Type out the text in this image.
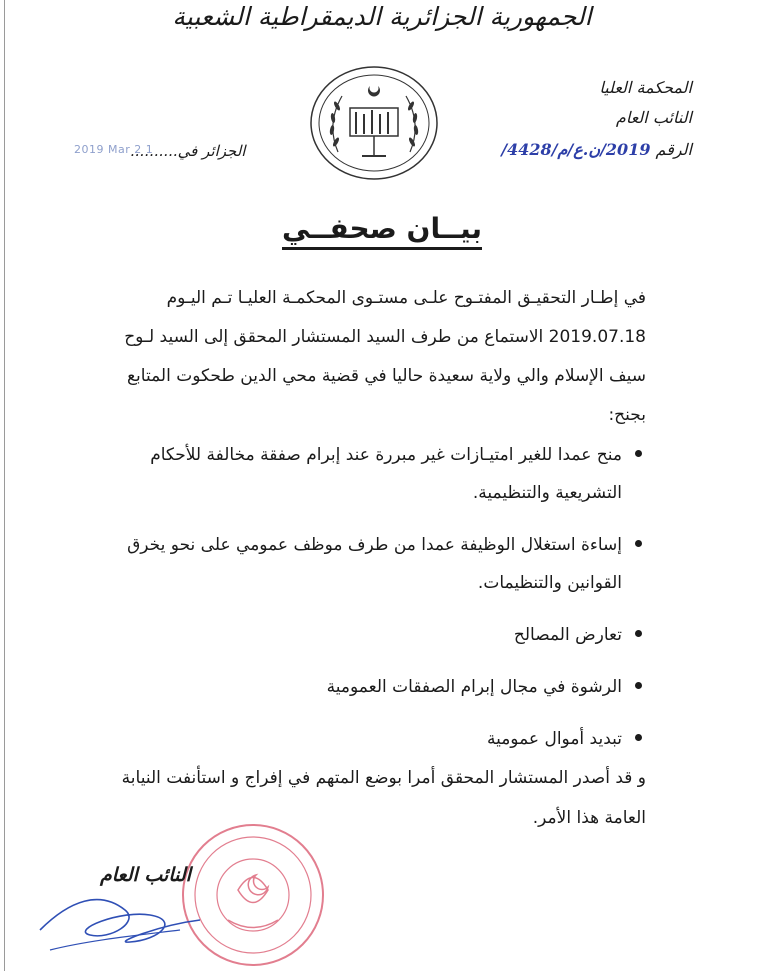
الجمهورية الجزائرية الديمقراطية الشعبية
المحكمة العليا
النائب العام
الرقم 2019/ن.ع/م/4428/
الجزائر في..........
2019 Mar 2 1
بيــان صحفــي
في إطـار التحقيـق المفتـوح علـى مستـوى المحكمـة العليـا تـم اليـوم
2019.07.18 الاستماع من طرف السيد المستشار المحقق إلى السيد لـوح
سيف الإسلام والي ولاية سعيدة حاليا في قضية محي الدين طحكوت المتابع
بجنح:
منح عمدا للغير امتيـازات غير مبررة عند إبرام صفقة مخالفة للأحكام
التشريعية والتنظيمية.
إساءة استغلال الوظيفة عمدا من طرف موظف عمومي على نحو يخرق
القوانين والتنظيمات.
تعارض المصالح
الرشوة في مجال إبرام الصفقات العمومية
تبديد أموال عمومية
و قد أصدر المستشار المحقق أمرا بوضع المتهم في إفراج و استأنفت النيابة
العامة هذا الأمر.
النائب العام
